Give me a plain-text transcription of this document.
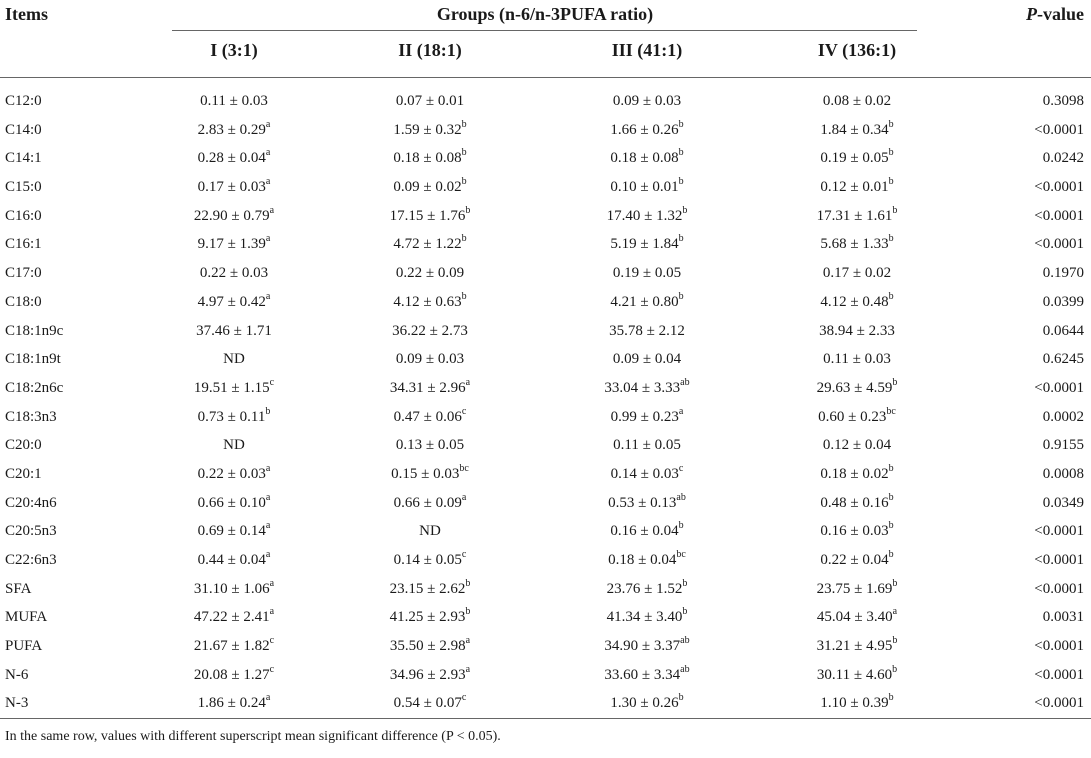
Items	Groups (n-6/n-3PUFA ratio)	P-value
I (3:1)	II (18:1)	III (41:1)	IV (136:1)
C12:0	0.11 ± 0.03	0.07 ± 0.01	0.09 ± 0.03	0.08 ± 0.02	0.3098
C14:0	2.83 ± 0.29$^a$	1.59 ± 0.32$^b$	1.66 ± 0.26$^b$	1.84 ± 0.34$^b$	<0.0001
C14:1	0.28 ± 0.04$^a$	0.18 ± 0.08$^b$	0.18 ± 0.08$^b$	0.19 ± 0.05$^b$	0.0242
C15:0	0.17 ± 0.03$^a$	0.09 ± 0.02$^b$	0.10 ± 0.01$^b$	0.12 ± 0.01$^b$	<0.0001
C16:0	22.90 ± 0.79$^a$	17.15 ± 1.76$^b$	17.40 ± 1.32$^b$	17.31 ± 1.61$^b$	<0.0001
C16:1	9.17 ± 1.39$^a$	4.72 ± 1.22$^b$	5.19 ± 1.84$^b$	5.68 ± 1.33$^b$	<0.0001
C17:0	0.22 ± 0.03	0.22 ± 0.09	0.19 ± 0.05	0.17 ± 0.02	0.1970
C18:0	4.97 ± 0.42$^a$	4.12 ± 0.63$^b$	4.21 ± 0.80$^b$	4.12 ± 0.48$^b$	0.0399
C18:1n9c	37.46 ± 1.71	36.22 ± 2.73	35.78 ± 2.12	38.94 ± 2.33	0.0644
C18:1n9t	ND	0.09 ± 0.03	0.09 ± 0.04	0.11 ± 0.03	0.6245
C18:2n6c	19.51 ± 1.15$^c$	34.31 ± 2.96$^a$	33.04 ± 3.33$^{ab}$	29.63 ± 4.59$^b$	<0.0001
C18:3n3	0.73 ± 0.11$^b$	0.47 ± 0.06$^c$	0.99 ± 0.23$^a$	0.60 ± 0.23$^{bc}$	0.0002
C20:0	ND	0.13 ± 0.05	0.11 ± 0.05	0.12 ± 0.04	0.9155
C20:1	0.22 ± 0.03$^a$	0.15 ± 0.03$^{bc}$	0.14 ± 0.03$^c$	0.18 ± 0.02$^b$	0.0008
C20:4n6	0.66 ± 0.10$^a$	0.66 ± 0.09$^a$	0.53 ± 0.13$^{ab}$	0.48 ± 0.16$^b$	0.0349
C20:5n3	0.69 ± 0.14$^a$	ND	0.16 ± 0.04$^b$	0.16 ± 0.03$^b$	<0.0001
C22:6n3	0.44 ± 0.04$^a$	0.14 ± 0.05$^c$	0.18 ± 0.04$^{bc}$	0.22 ± 0.04$^b$	<0.0001
SFA	31.10 ± 1.06$^a$	23.15 ± 2.62$^b$	23.76 ± 1.52$^b$	23.75 ± 1.69$^b$	<0.0001
MUFA	47.22 ± 2.41$^a$	41.25 ± 2.93$^b$	41.34 ± 3.40$^b$	45.04 ± 3.40$^a$	0.0031
PUFA	21.67 ± 1.82$^c$	35.50 ± 2.98$^a$	34.90 ± 3.37$^{ab}$	31.21 ± 4.95$^b$	<0.0001
N-6	20.08 ± 1.27$^c$	34.96 ± 2.93$^a$	33.60 ± 3.34$^{ab}$	30.11 ± 4.60$^b$	<0.0001
N-3	1.86 ± 0.24$^a$	0.54 ± 0.07$^c$	1.30 ± 0.26$^b$	1.10 ± 0.39$^b$	<0.0001
In the same row, values with different superscript mean significant difference (P < 0.05).
